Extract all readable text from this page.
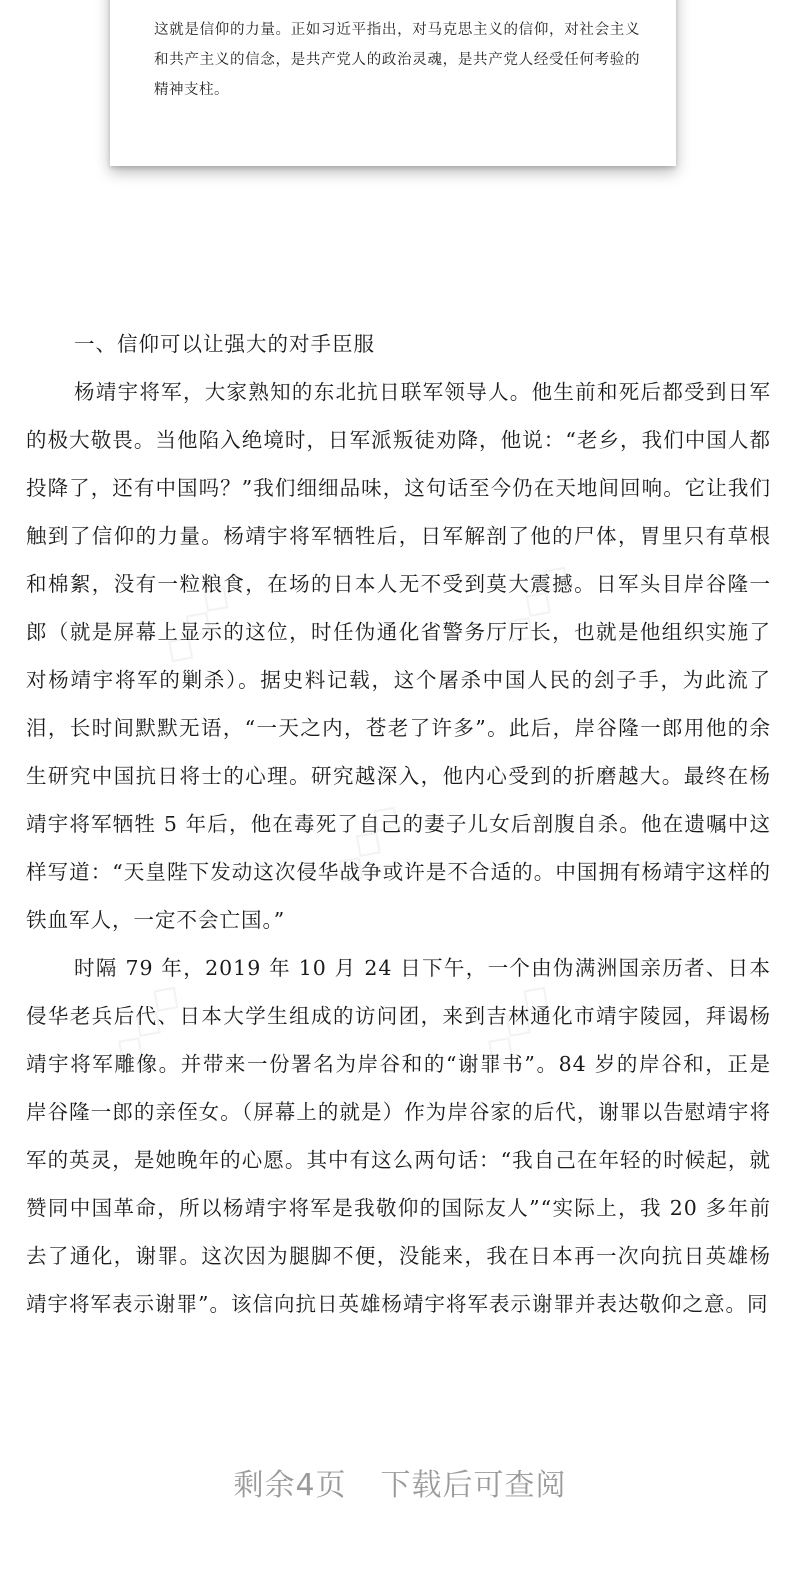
这就是信仰的力量。正如习近平指出，对马克思主义的信仰，对社会主义和共产主义的信念，是共产党人的政治灵魂，是共产党人经受任何考验的精神支柱。

◇◇◇	◇◇◇
◇◇◇
◇◇◇	◇◇◇
一、信仰可以让强大的对手臣服

杨靖宇将军，大家熟知的东北抗日联军领导人。他生前和死后都受到日军的极大敬畏。当他陷入绝境时，日军派叛徒劝降，他说：“老乡，我们中国人都投降了，还有中国吗？”我们细细品味，这句话至今仍在天地间回响。它让我们触到了信仰的力量。杨靖宇将军牺牲后，日军解剖了他的尸体，胃里只有草根和棉絮，没有一粒粮食，在场的日本人无不受到莫大震撼。日军头目岸谷隆一郎（就是屏幕上显示的这位，时任伪通化省警务厅厅长，也就是他组织实施了对杨靖宇将军的剿杀）。据史料记载，这个屠杀中国人民的刽子手，为此流了泪，长时间默默无语，“一天之内，苍老了许多”。此后，岸谷隆一郎用他的余生研究中国抗日将士的心理。研究越深入，他内心受到的折磨越大。最终在杨靖宇将军牺牲 5 年后，他在毒死了自己的妻子儿女后剖腹自杀。他在遗嘱中这样写道：“天皇陛下发动这次侵华战争或许是不合适的。中国拥有杨靖宇这样的铁血军人，一定不会亡国。”

时隔 79 年，2019 年 10 月 24 日下午，一个由伪满洲国亲历者、日本侵华老兵后代、日本大学生组成的访问团，来到吉林通化市靖宇陵园，拜谒杨靖宇将军雕像。并带来一份署名为岸谷和的“谢罪书”。84 岁的岸谷和，正是岸谷隆一郎的亲侄女。（屏幕上的就是）作为岸谷家的后代，谢罪以告慰靖宇将军的英灵，是她晚年的心愿。其中有这么两句话：“我自己在年轻的时候起，就赞同中国革命，所以杨靖宇将军是我敬仰的国际友人”“实际上，我 20 多年前去了通化，谢罪。这次因为腿脚不便，没能来，我在日本再一次向抗日英雄杨靖宇将军表示谢罪”。该信向抗日英雄杨靖宇将军表示谢罪并表达敬仰之意。同

剩余4页 下载后可查阅
